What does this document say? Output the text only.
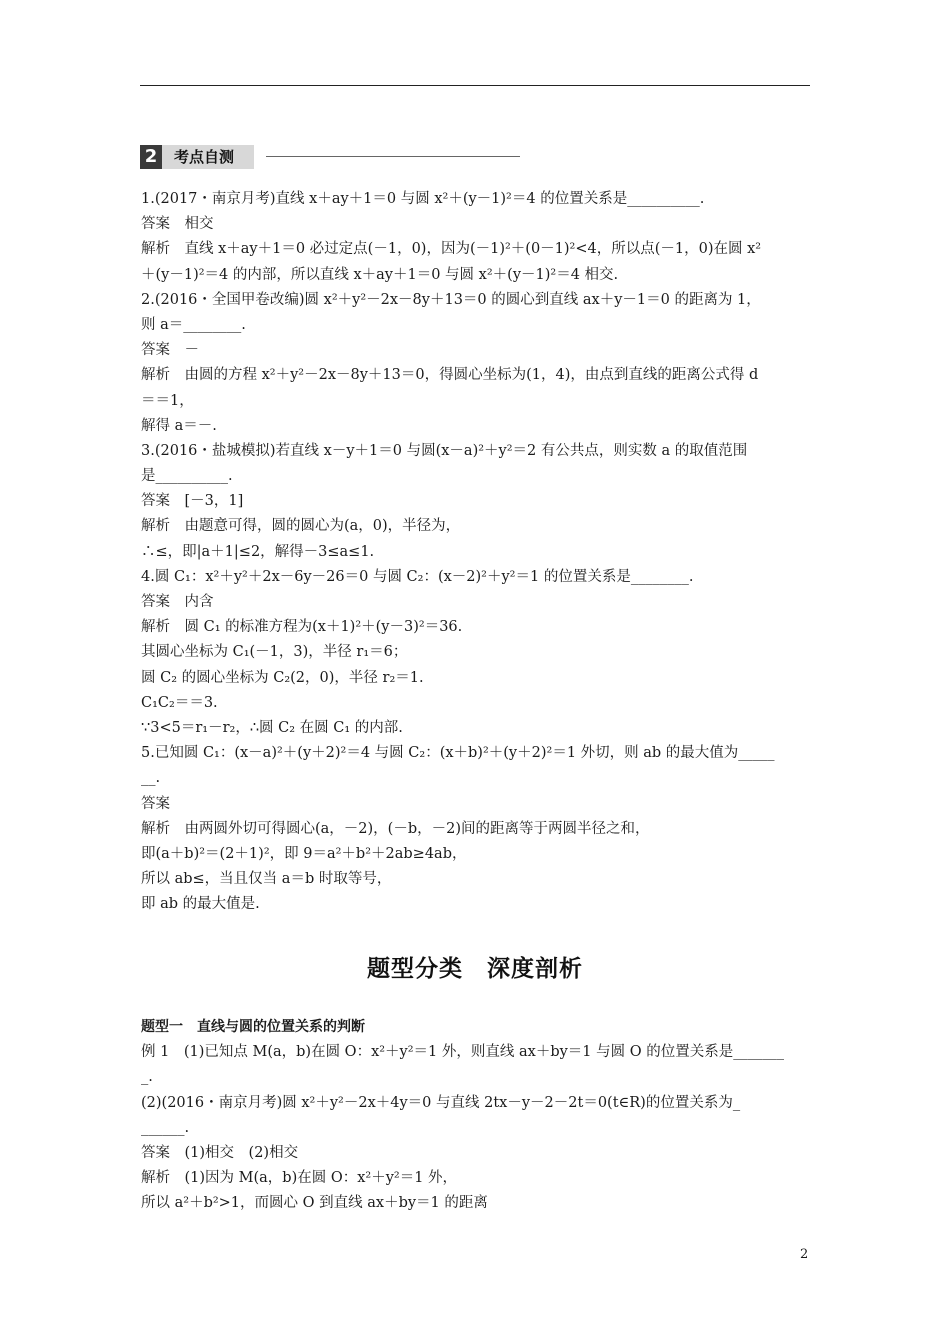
2	考点自测
1.(2017・南京月考)直线 x＋ay＋1＝0 与圆 x²＋(y－1)²＝4 的位置关系是__________.
答案　相交
解析　直线 x＋ay＋1＝0 必过定点(－1，0)，因为(－1)²＋(0－1)²<4，所以点(－1，0)在圆 x²
＋(y－1)²＝4 的内部，所以直线 x＋ay＋1＝0 与圆 x²＋(y－1)²＝4 相交.
2.(2016・全国甲卷改编)圆 x²＋y²－2x－8y＋13＝0 的圆心到直线 ax＋y－1＝0 的距离为 1，
则 a＝________.
答案　－
解析　由圆的方程 x²＋y²－2x－8y＋13＝0，得圆心坐标为(1，4)，由点到直线的距离公式得 d
＝＝1，
解得 a＝－.
3.(2016・盐城模拟)若直线 x－y＋1＝0 与圆(x－a)²＋y²＝2 有公共点，则实数 a 的取值范围
是__________.
答案　[－3，1]
解析　由题意可得，圆的圆心为(a，0)，半径为，
∴≤，即|a＋1|≤2，解得－3≤a≤1.
4.圆 C₁：x²＋y²＋2x－6y－26＝0 与圆 C₂：(x－2)²＋y²＝1 的位置关系是________.
答案　内含
解析　圆 C₁ 的标准方程为(x＋1)²＋(y－3)²＝36.
其圆心坐标为 C₁(－1，3)，半径 r₁＝6；
圆 C₂ 的圆心坐标为 C₂(2，0)，半径 r₂＝1.
C₁C₂＝＝3.
∵3<5＝r₁－r₂，∴圆 C₂ 在圆 C₁ 的内部.
5.已知圆 C₁：(x－a)²＋(y＋2)²＝4 与圆 C₂：(x＋b)²＋(y＋2)²＝1 外切，则 ab 的最大值为_____
__.
答案
解析　由两圆外切可得圆心(a，－2)，(－b，－2)间的距离等于两圆半径之和，
即(a＋b)²＝(2＋1)²，即 9＝a²＋b²＋2ab≥4ab，
所以 ab≤，当且仅当 a＝b 时取等号，
即 ab 的最大值是.
题型分类　深度剖析
题型一　直线与圆的位置关系的判断
例 1　(1)已知点 M(a，b)在圆 O：x²＋y²＝1 外，则直线 ax＋by＝1 与圆 O 的位置关系是_______
_.
(2)(2016・南京月考)圆 x²＋y²－2x＋4y＝0 与直线 2tx－y－2－2t＝0(t∈R)的位置关系为_
______.
答案　(1)相交　(2)相交
解析　(1)因为 M(a，b)在圆 O：x²＋y²＝1 外，
所以 a²＋b²>1，而圆心 O 到直线 ax＋by＝1 的距离
2
